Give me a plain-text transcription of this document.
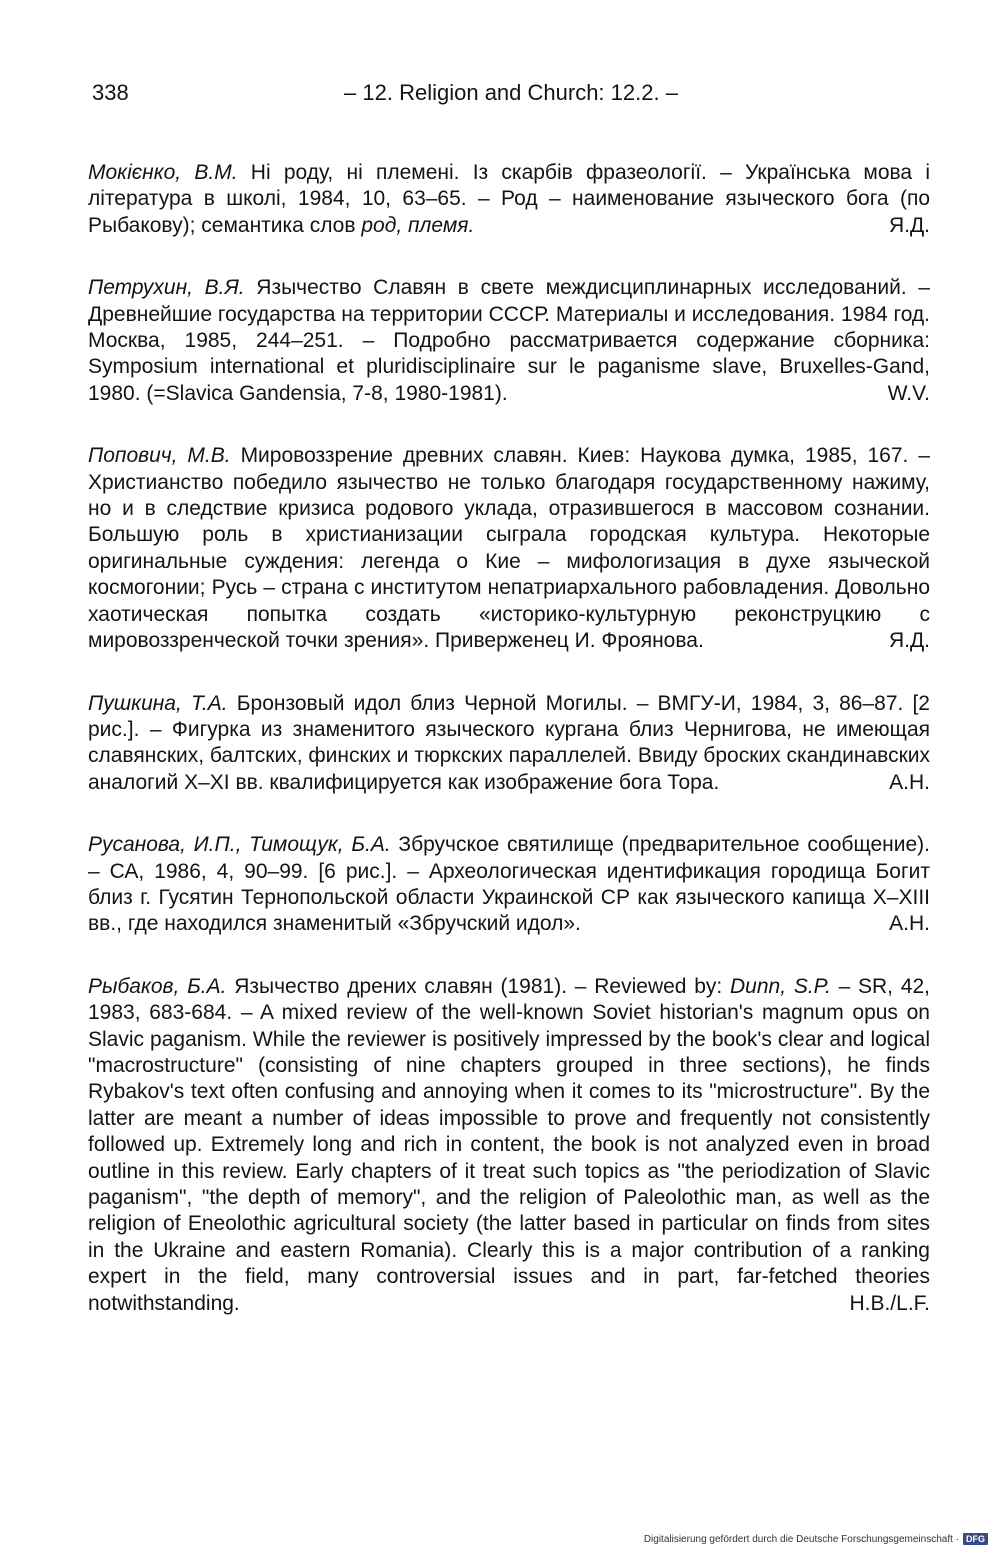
338	– 12. Religion and Church: 12.2. –

Мокієнко, В.М. Ні роду, ні племені. Із скарбів фразеології. – Українська мова і література в школі, 1984, 10, 63–65. – Род – наименование языческого бога (по Рыбакову); семантика слов род, племя.	Я.Д.

Петрухин, В.Я. Язычество Славян в свете междисциплинарных исследований. – Древнейшие государства на территории СССР. Материалы и исследования. 1984 год. Москва, 1985, 244–251. – Подробно рассматривается содержание сборника: Symposium international et pluridisciplinaire sur le paganisme slave, Bruxelles-Gand, 1980. (=Slavica Gandensia, 7-8, 1980-1981).	W.V.

Попович, М.В. Мировоззрение древних славян. Киев: Наукова думка, 1985, 167. – Христианство победило язычество не только благодаря государственному нажиму, но и в следствие кризиса родового уклада, отразившегося в массовом сознании. Большую роль в христианизации сыграла городская культура. Некоторые оригинальные суждения: легенда о Кие – мифологизация в духе языческой космогонии; Русь – страна с институтом непатриархального рабовладения. Довольно хаотическая попытка создать «историко-культурную реконструцкию с мировоззренческой точки зрения». Приверженец И. Фроянова.	Я.Д.

Пушкина, Т.А. Бронзовый идол близ Черной Могилы. – ВМГУ-И, 1984, 3, 86–87. [2 рис.]. – Фигурка из знаменитого языческого кургана близ Чернигова, не имеющая славянских, балтских, финских и тюркских параллелей. Ввиду броских скандинавских аналогий X–XI вв. квалифицируется как изображение бога Тора.	А.Н.

Русанова, И.П., Тимощук, Б.А. Збручское святилище (предварительное сообщение). – СА, 1986, 4, 90–99. [6 рис.]. – Археологическая идентификация городища Богит близ г. Гусятин Тернопольской области Украинской СР как языческого капища X–XIII вв., где находился знаменитый «Збручский идол».	А.Н.

Рыбаков, Б.А. Язычество дрених славян (1981). – Reviewed by: Dunn, S.P. – SR, 42, 1983, 683-684. – A mixed review of the well-known Soviet historian's magnum opus on Slavic paganism. While the reviewer is positively impressed by the book's clear and logical "macrostructure" (consisting of nine chapters grouped in three sections), he finds Rybakov's text often confusing and annoying when it comes to its "microstructure". By the latter are meant a number of ideas impossible to prove and frequently not consistently followed up. Extremely long and rich in content, the book is not analyzed even in broad outline in this review. Early chapters of it treat such topics as "the periodization of Slavic paganism", "the depth of memory", and the religion of Paleolothic man, as well as the religion of Eneolothic agricultural society (the latter based in particular on finds from sites in the Ukraine and eastern Romania). Clearly this is a major contribution of a ranking expert in the field, many controversial issues and in part, far-fetched theories notwithstanding.	H.B./L.F.

Digitalisierung gefördert durch die Deutsche Forschungsgemeinschaft · DFG
